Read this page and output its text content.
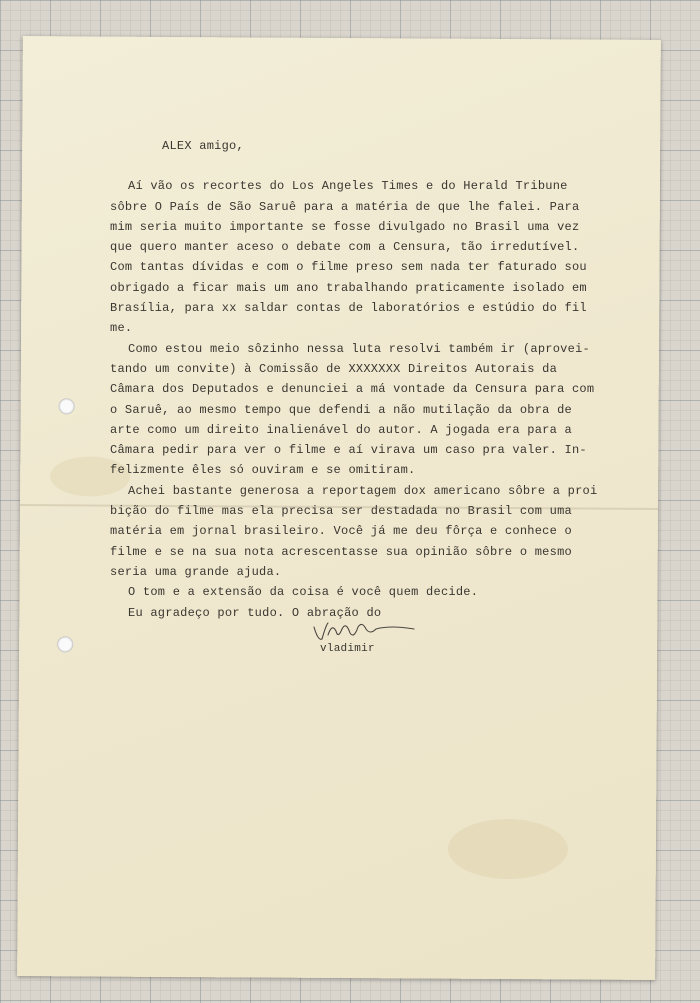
ALEX amigo,
Aí vão os recortes do Los Angeles Times e do Herald Tribune
sôbre O País de São Saruê para a matéria de que lhe falei. Para
mim seria muito importante se fosse divulgado no Brasil uma vez
que quero manter aceso o debate com a Censura, tão irredutível.
Com tantas dívidas e com o filme preso sem nada ter faturado sou
obrigado a ficar mais um ano trabalhando praticamente isolado em
Brasília, para xx saldar contas de laboratórios e estúdio do fil
me.
Como estou meio sôzinho nessa luta resolvi também ir (aprovei-
tando um convite) à Comissão de XXXXXXX Direitos Autorais da
Câmara dos Deputados e denunciei a má vontade da Censura para com
o Saruê, ao mesmo tempo que defendi a não mutilação da obra de
arte como um direito inalienável do autor. A jogada era para a
Câmara pedir para ver o filme e aí virava um caso pra valer. In-
felizmente êles só ouviram e se omitiram.
Achei bastante generosa a reportagem dox americano sôbre a proi
bição do filme mas ela precisa ser destadada no Brasil com uma
matéria em jornal brasileiro. Você já me deu fôrça e conhece o
filme e se na sua nota acrescentasse sua opinião sôbre o mesmo
seria uma grande ajuda.
O tom e a extensão da coisa é você quem decide.
Eu agradeço por tudo. O abração do
vladimir
